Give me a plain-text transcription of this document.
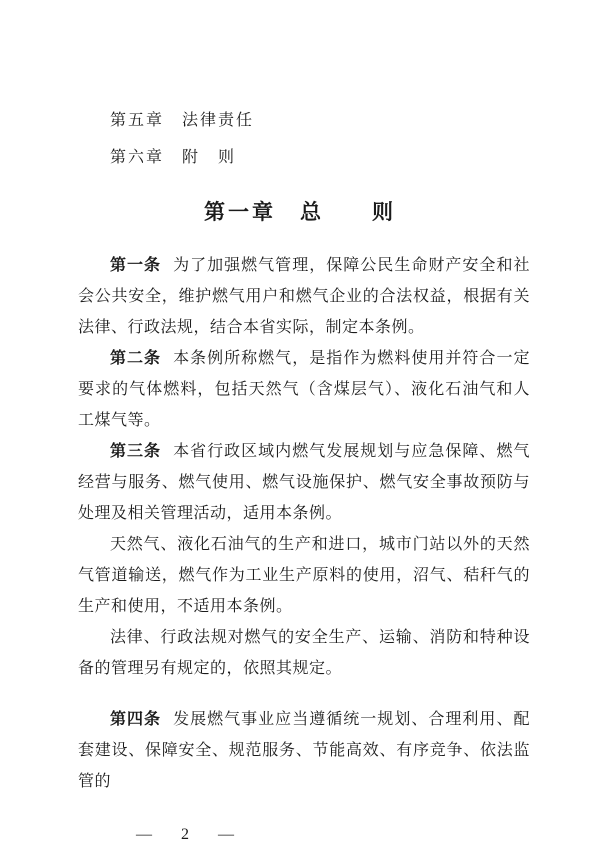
第五章　法律责任
第六章　附　则
第一章　总　　则

第一条 为了加强燃气管理，保障公民生命财产安全和社会公共安全，维护燃气用户和燃气企业的合法权益，根据有关法律、行政法规，结合本省实际，制定本条例。

第二条 本条例所称燃气，是指作为燃料使用并符合一定要求的气体燃料，包括天然气（含煤层气）、液化石油气和人工煤气等。

第三条 本省行政区域内燃气发展规划与应急保障、燃气经营与服务、燃气使用、燃气设施保护、燃气安全事故预防与处理及相关管理活动，适用本条例。

天然气、液化石油气的生产和进口，城市门站以外的天然气管道输送，燃气作为工业生产原料的使用，沼气、秸秆气的生产和使用，不适用本条例。

法律、行政法规对燃气的安全生产、运输、消防和特种设备的管理另有规定的，依照其规定。

第四条 发展燃气事业应当遵循统一规划、合理利用、配套建设、保障安全、规范服务、节能高效、有序竞争、依法监管的

—  2  —
